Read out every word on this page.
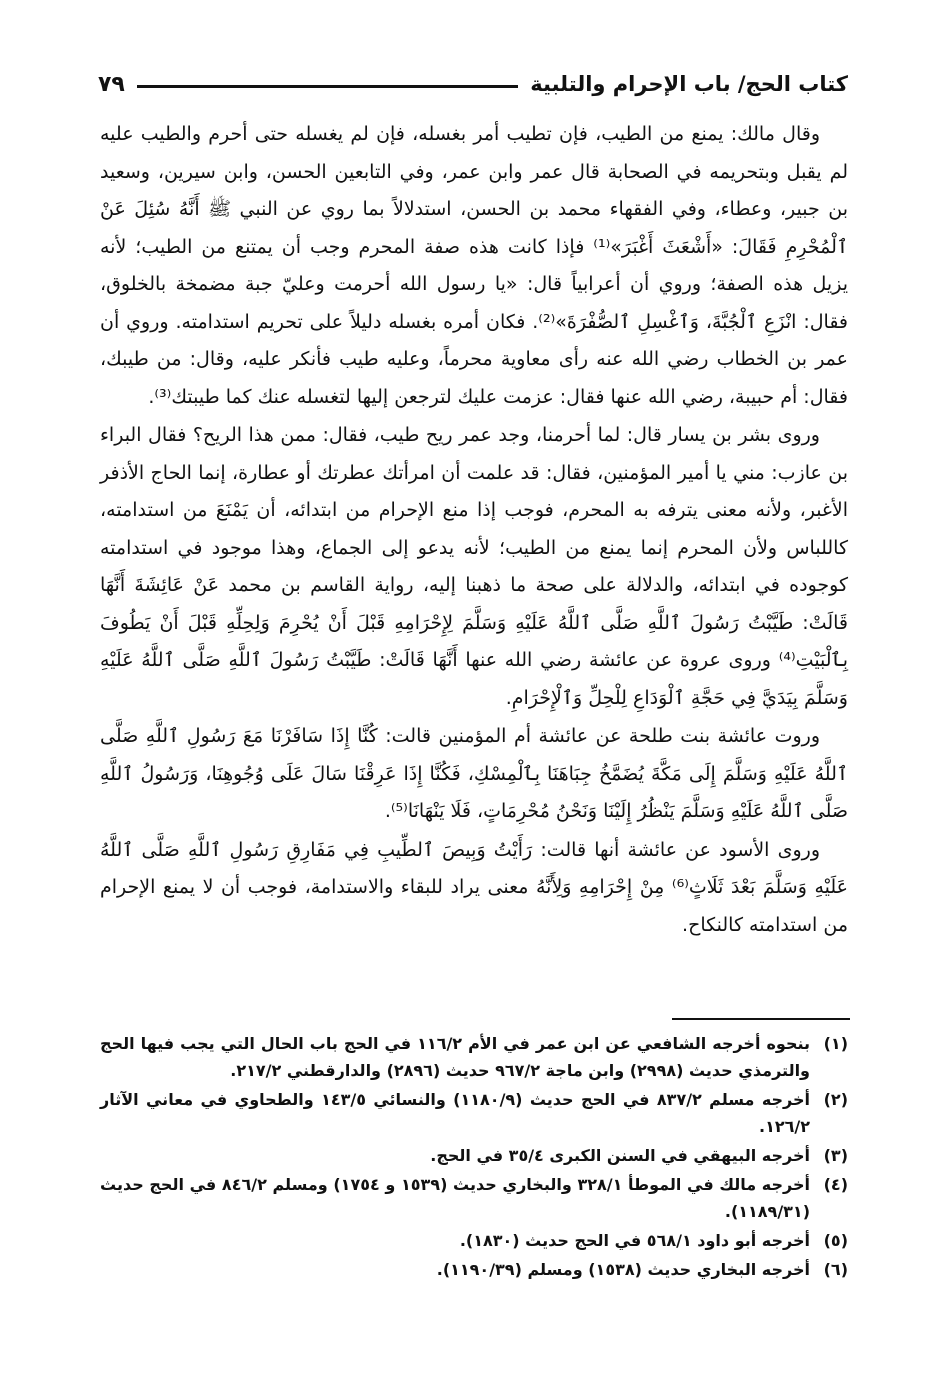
كتاب الحج/ باب الإحرام والتلبية
٧٩

وقال مالك: يمنع من الطيب، فإن تطيب أمر بغسله، فإن لم يغسله حتى أحرم والطيب عليه لم يقبل وبتحريمه في الصحابة قال عمر وابن عمر، وفي التابعين الحسن، وابن سيرين، وسعيد بن جبير، وعطاء، وفي الفقهاء محمد بن الحسن، استدلالاً بما روي عن النبي ﷺ أَنَّهُ سُئِلَ عَنْ ٱلْمُحْرِمِ فَقَالَ: «أَشْعَثَ أَغْبَرَ»⁽¹⁾ فإذا كانت هذه صفة المحرم وجب أن يمتنع من الطيب؛ لأنه يزيل هذه الصفة؛ وروي أن أعرابياً قال: «يا رسول الله أحرمت وعليّ جبة مضمخة بالخلوق، فقال: انْزَعِ ٱلْجُبَّةَ، وَٱغْسِلِ ٱلصُّفْرَةَ»⁽²⁾. فكان أمره بغسله دليلاً على تحريم استدامته. وروي أن عمر بن الخطاب رضي الله عنه رأى معاوية محرماً، وعليه طيب فأنكر عليه، وقال: من طيبك، فقال: أم حبيبة، رضي الله عنها فقال: عزمت عليك لترجعن إليها لتغسله عنك كما طيبتك⁽³⁾.

وروى بشر بن يسار قال: لما أحرمنا، وجد عمر ريح طيب، فقال: ممن هذا الريح؟ فقال البراء بن عازب: مني يا أمير المؤمنين، فقال: قد علمت أن امرأتك عطرتك أو عطارة، إنما الحاج الأذفر الأغبر، ولأنه معنى يترفه به المحرم، فوجب إذا منع الإحرام من ابتدائه، أن يَمْنَعَ من استدامته، كاللباس ولأن المحرم إنما يمنع من الطيب؛ لأنه يدعو إلى الجماع، وهذا موجود في استدامته كوجوده في ابتدائه، والدلالة على صحة ما ذهبنا إليه، رواية القاسم بن محمد عَنْ عَائِشَةَ أَنَّهَا قَالَتْ: طَيَّبْتُ رَسُولَ ٱللَّهِ صَلَّى ٱللَّهُ عَلَيْهِ وَسَلَّمَ لِإِحْرَامِهِ قَبْلَ أَنْ يُحْرِمَ وَلِحِلِّهِ قَبْلَ أَنْ يَطُوفَ بِٱلْبَيْتِ⁽⁴⁾ وروى عروة عن عائشة رضي الله عنها أَنَّهَا قَالَتْ: طَيَّبْتُ رَسُولَ ٱللَّهِ صَلَّى ٱللَّهُ عَلَيْهِ وَسَلَّمَ بِيَدَيَّ فِي حَجَّةِ ٱلْوَدَاعِ لِلْحِلِّ وَٱلْإِحْرَامِ.

وروت عائشة بنت طلحة عن عائشة أم المؤمنين قالت: كُنَّا إِذَا سَافَرْنَا مَعَ رَسُولِ ٱللَّهِ صَلَّى ٱللَّهُ عَلَيْهِ وَسَلَّمَ إِلَى مَكَّةَ يُضَمَّخُ جِبَاهَنَا بِٱلْمِسْكِ، فَكُنَّا إِذَا عَرِقْنَا سَالَ عَلَى وُجُوهِنَا، وَرَسُولُ ٱللَّهِ صَلَّى ٱللَّهُ عَلَيْهِ وَسَلَّمَ يَنْظُرُ إِلَيْنَا وَنَحْنُ مُحْرِمَاتٍ، فَلَا يَنْهَانَا⁽⁵⁾.

وروى الأسود عن عائشة أنها قالت: رَأَيْتُ وَبِيصَ ٱلطِّيبِ فِي مَفَارِقِ رَسُولِ ٱللَّهِ صَلَّى ٱللَّهُ عَلَيْهِ وَسَلَّمَ بَعْدَ ثَلَاثٍ⁽⁶⁾ مِنْ إِحْرَامِهِ وَلِأَنَّهُ معنى يراد للبقاء والاستدامة، فوجب أن لا يمنع الإحرام من استدامته كالنكاح.

(١)
بنحوه أخرجه الشافعي عن ابن عمر في الأم ١١٦/٢ في الحج باب الحال التي يجب فيها الحج والترمذي حديث (٢٩٩٨) وابن ماجة ٩٦٧/٢ حديث (٢٨٩٦) والدارقطني ٢١٧/٢.
(٢)
أخرجه مسلم ٨٣٧/٢ في الحج حديث (١١٨٠/٩) والنسائي ١٤٣/٥ والطحاوي في معاني الآثار ١٢٦/٢.
(٣)
أخرجه البيهقي في السنن الكبرى ٣٥/٤ في الحج.
(٤)
أخرجه مالك في الموطأ ٣٢٨/١ والبخاري حديث (١٥٣٩ و ١٧٥٤) ومسلم ٨٤٦/٢ في الحج حديث (١١٨٩/٣١).
(٥)
أخرجه أبو داود ٥٦٨/١ في الحج حديث (١٨٣٠).
(٦)
أخرجه البخاري حديث (١٥٣٨) ومسلم (١١٩٠/٣٩).
